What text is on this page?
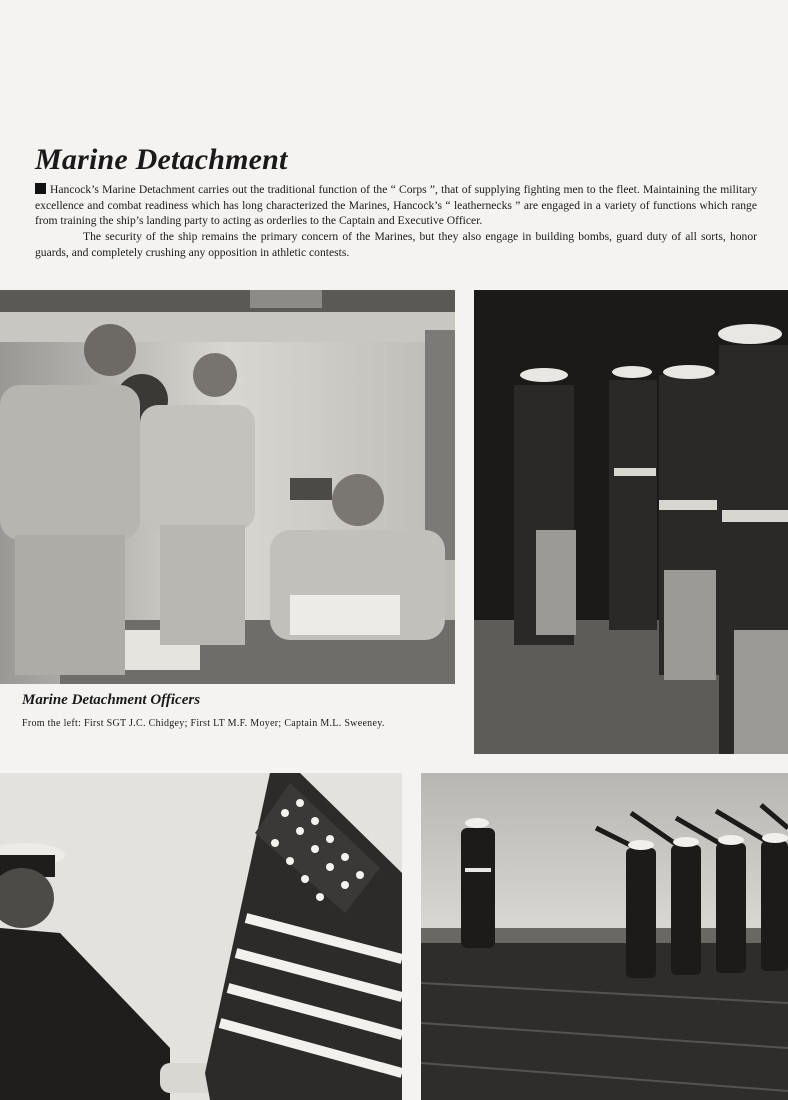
Marine Detachment

Hancock’s Marine Detachment carries out the traditional function of the “ Corps ”, that of supplying fighting men to the fleet. Maintaining the military excellence and combat readiness which has long characterized the Marines, Hancock’s “ leathernecks ” are engaged in a variety of functions which range from training the ship’s landing party to acting as orderlies to the Captain and Executive Officer.

The security of the ship remains the primary concern of the Marines, but they also engage in building bombs, guard duty of all sorts, honor guards, and completely crushing any opposition in athletic contests.

Marine Detachment Officers
From the left: First SGT J.C. Chidgey; First LT M.F. Moyer; Captain M.L. Sweeney.
